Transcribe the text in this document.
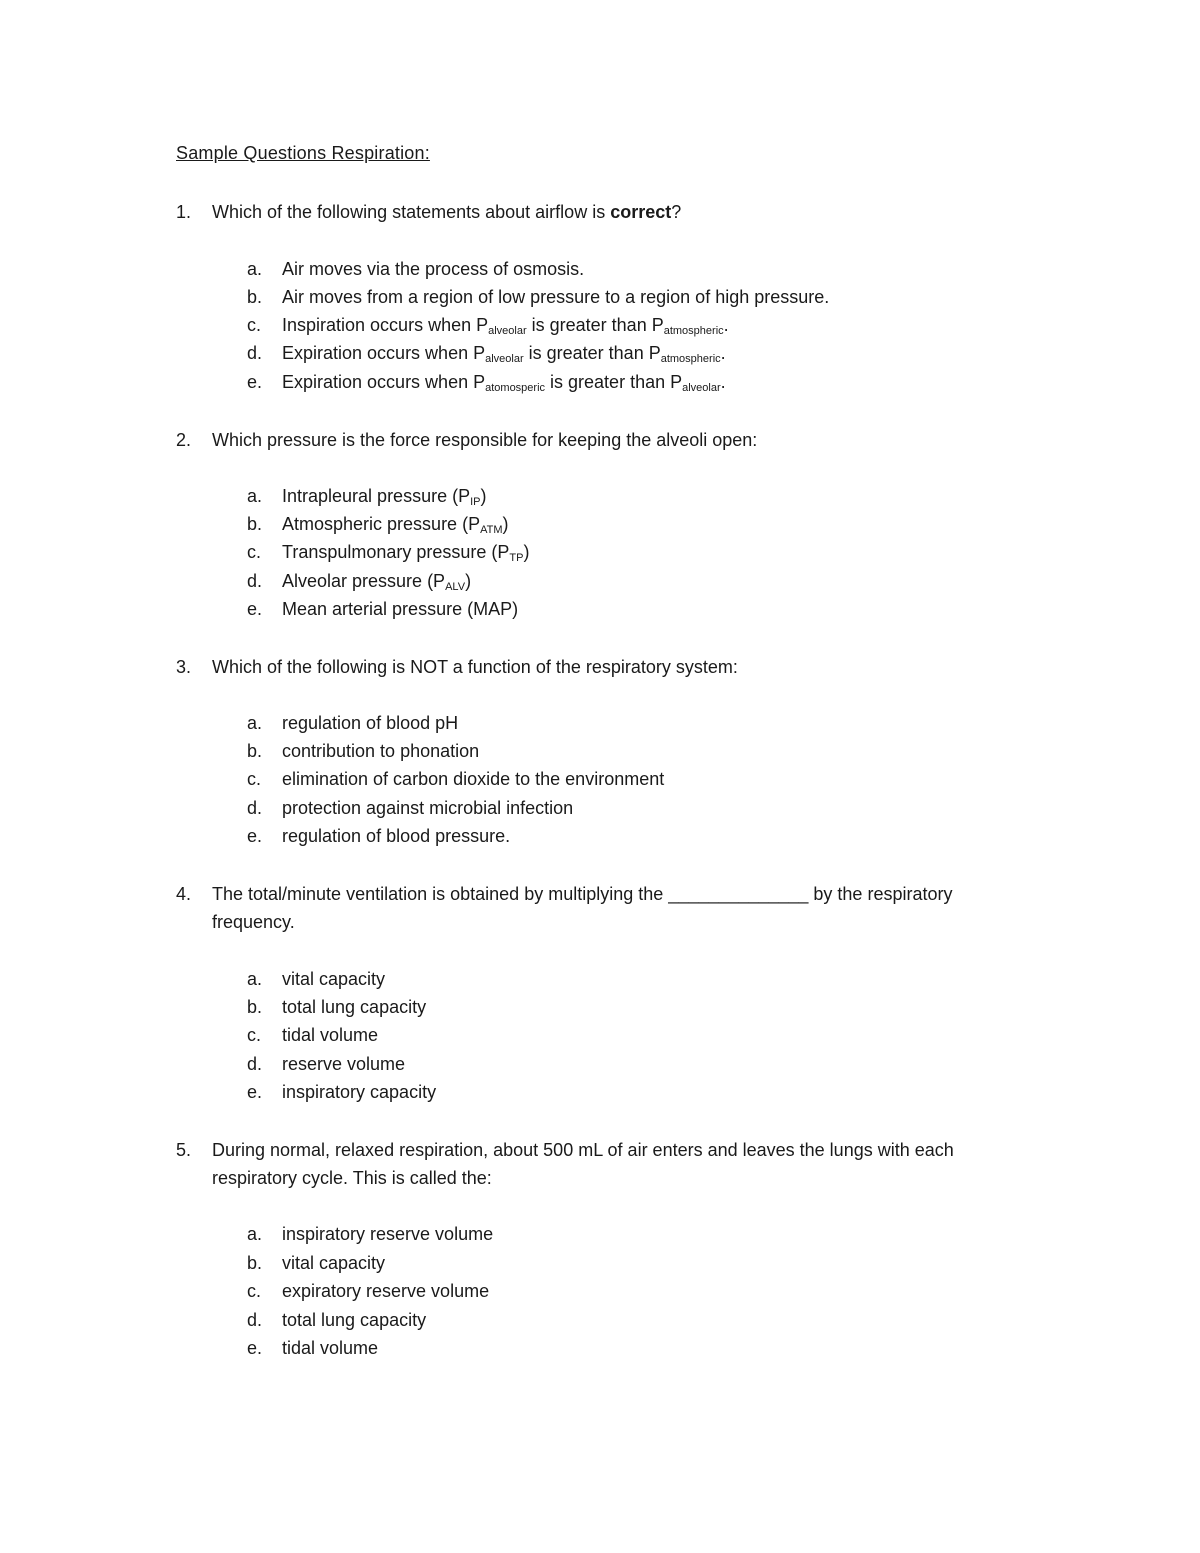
Sample Questions Respiration:
1. Which of the following statements about airflow is correct?
a. Air moves via the process of osmosis.
b. Air moves from a region of low pressure to a region of high pressure.
c. Inspiration occurs when $P_{alveolar}$ is greater than $P_{atmospheric}$.
d. Expiration occurs when $P_{alveolar}$ is greater than $P_{atmospheric}$.
e. Expiration occurs when $P_{atomosperic}$ is greater than $P_{alveolar}$.
2. Which pressure is the force responsible for keeping the alveoli open:
a. Intrapleural pressure $(P_{IP})$
b. Atmospheric pressure $(P_{ATM})$
c. Transpulmonary pressure $(P_{TP})$
d. Alveolar pressure $(P_{ALV})$
e. Mean arterial pressure (MAP)
3. Which of the following is NOT a function of the respiratory system:
a. regulation of blood pH
b. contribution to phonation
c. elimination of carbon dioxide to the environment
d. protection against microbial infection
e. regulation of blood pressure.
4. The total/minute ventilation is obtained by multiplying the ______________ by the respiratory
frequency.
a. vital capacity
b. total lung capacity
c. tidal volume
d. reserve volume
e. inspiratory capacity
5. During normal, relaxed respiration, about 500 mL of air enters and leaves the lungs with each
respiratory cycle. This is called the:
a. inspiratory reserve volume
b. vital capacity
c. expiratory reserve volume
d. total lung capacity
e. tidal volume
